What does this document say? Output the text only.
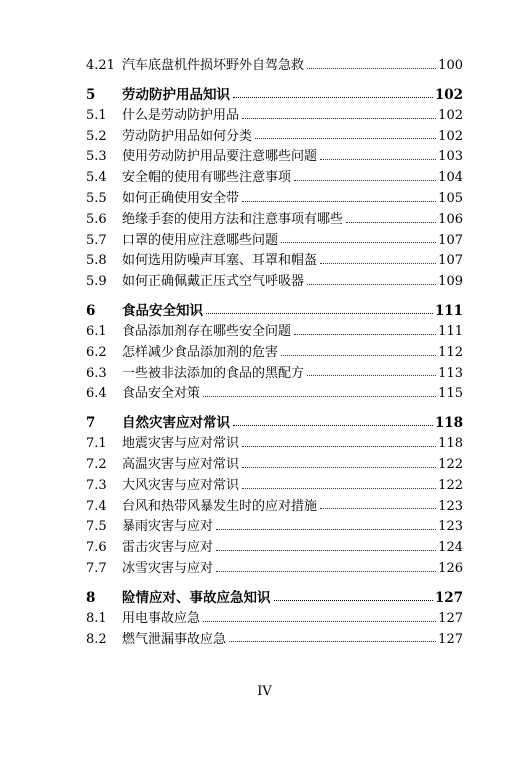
4.21 汽车底盘机件损坏野外自驾急救	100
5	劳动防护用品知识	102
5.1	什么是劳动防护用品	102
5.2	劳动防护用品如何分类	102
5.3	使用劳动防护用品要注意哪些问题	103
5.4	安全帽的使用有哪些注意事项	104
5.5	如何正确使用安全带	105
5.6	绝缘手套的使用方法和注意事项有哪些	106
5.7	口罩的使用应注意哪些问题	107
5.8	如何选用防噪声耳塞、耳罩和帽盔	107
5.9	如何正确佩戴正压式空气呼吸器	109
6	食品安全知识	111
6.1	食品添加剂存在哪些安全问题	111
6.2	怎样减少食品添加剂的危害	112
6.3	一些被非法添加的食品的黑配方	113
6.4	食品安全对策	115
7	自然灾害应对常识	118
7.1	地震灾害与应对常识	118
7.2	高温灾害与应对常识	122
7.3	大风灾害与应对常识	122
7.4	台风和热带风暴发生时的应对措施	123
7.5	暴雨灾害与应对	123
7.6	雷击灾害与应对	124
7.7	冰雪灾害与应对	126
8	险情应对、事故应急知识	127
8.1	用电事故应急	127
8.2	燃气泄漏事故应急	127
IV
